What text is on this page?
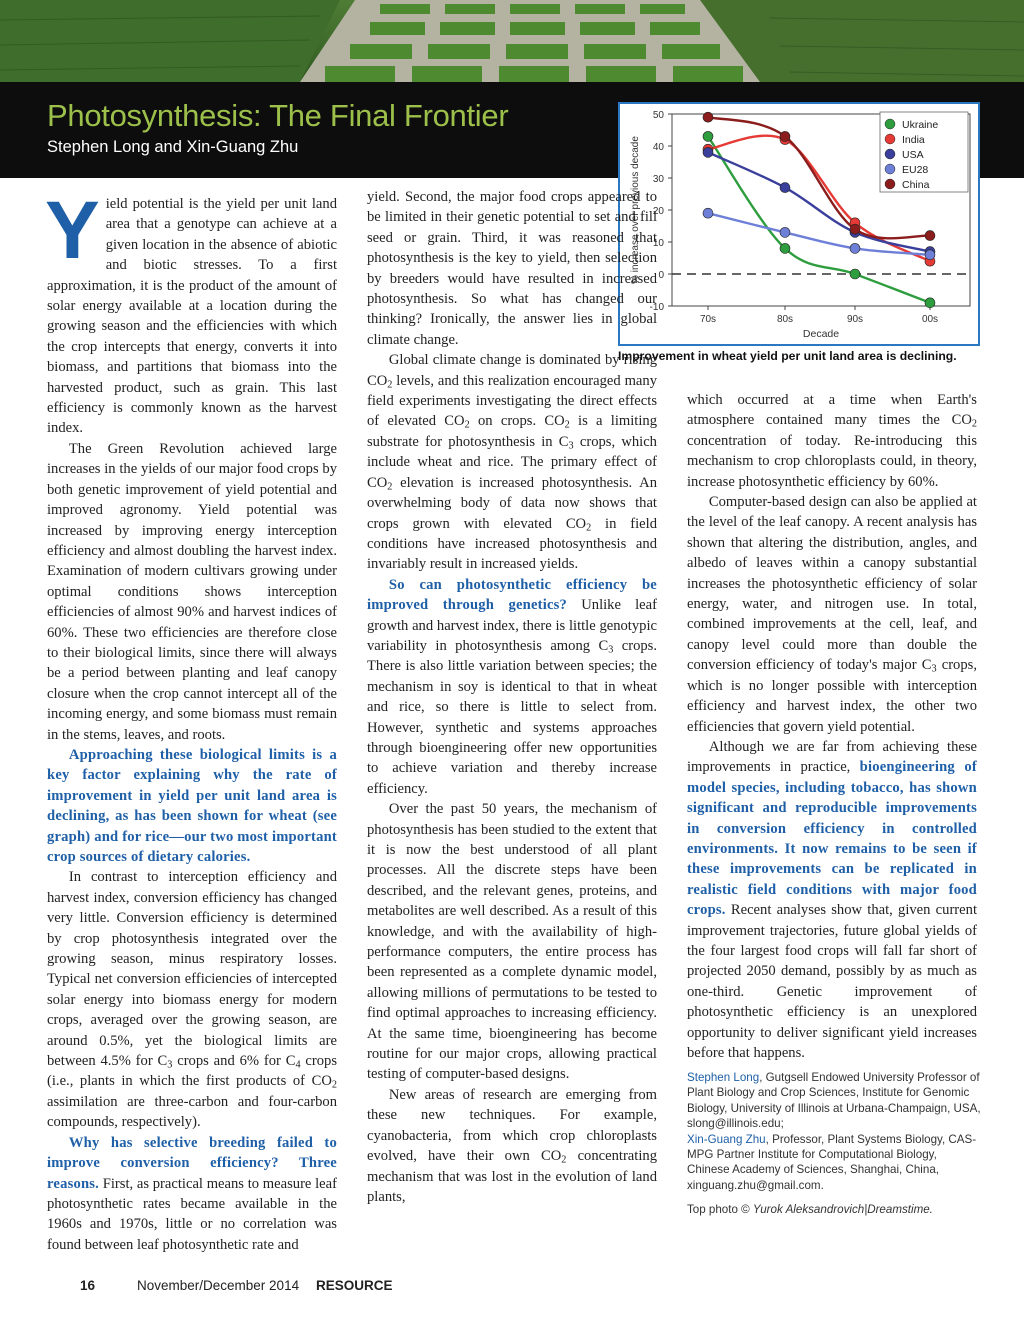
Photosynthesis: The Final Frontier
Stephen Long and Xin-Guang Zhu
-10
0
10
20
30
40
50
70s	80s	90s	00s
Decade
% increase over previous decade
Ukraine
India
USA
EU28
China
Improvement in wheat yield per unit land area is declining.

Yield potential is the yield per unit land area that a genotype can achieve at a given location in the absence of abiotic and biotic stresses. To a first approximation, it is the product of the amount of solar energy available at a location during the growing season and the efficiencies with which the crop intercepts that energy, converts it into biomass, and partitions that biomass into the harvested product, such as grain. This last efficiency is commonly known as the harvest index.

The Green Revolution achieved large increases in the yields of our major food crops by both genetic improvement of yield potential and improved agronomy. Yield potential was increased by improving energy interception efficiency and almost doubling the harvest index. Examination of modern cultivars growing under optimal conditions shows interception efficiencies of almost 90% and harvest indices of 60%. These two efficiencies are therefore close to their biological limits, since there will always be a period between planting and leaf canopy closure when the crop cannot intercept all of the incoming energy, and some biomass must remain in the stems, leaves, and roots.

Approaching these biological limits is a key factor explaining why the rate of improvement in yield per unit land area is declining, as has been shown for wheat (see graph) and for rice—our two most important crop sources of dietary calories.

In contrast to interception efficiency and harvest index, conversion efficiency has changed very little. Conversion efficiency is determined by crop photosynthesis integrated over the growing season, minus respiratory losses. Typical net conversion efficiencies of intercepted solar energy into biomass energy for modern crops, averaged over the growing season, are around 0.5%, yet the biological limits are between 4.5% for $C_3$ crops and 6% for $C_4$ crops (i.e., plants in which the first products of $CO_2$ assimilation are three-carbon and four-carbon compounds, respectively).

Why has selective breeding failed to improve conversion efficiency? Three reasons. First, as practical means to measure leaf photosynthetic rates became available in the 1960s and 1970s, little or no correlation was found between leaf photosynthetic rate and

yield. Second, the major food crops appeared to be limited in their genetic potential to set and fill seed or grain. Third, it was reasoned that photosynthesis is the key to yield, then selection by breeders would have resulted in increased photosynthesis. So what has changed our thinking? Ironically, the answer lies in global climate change.

Global climate change is dominated by rising $CO_2$ levels, and this realization encouraged many field experiments investigating the direct effects of elevated $CO_2$ on crops. $CO_2$ is a limiting substrate for photosynthesis in $C_3$ crops, which include wheat and rice. The primary effect of $CO_2$ elevation is increased photosynthesis. An overwhelming body of data now shows that crops grown with elevated $CO_2$ in field conditions have increased photosynthesis and invariably result in increased yields.

So can photosynthetic efficiency be improved through genetics? Unlike leaf growth and harvest index, there is little genotypic variability in photosynthesis among $C_3$ crops. There is also little variation between species; the mechanism in soy is identical to that in wheat and rice, so there is little to select from. However, synthetic and systems approaches through bioengineering offer new opportunities to achieve variation and thereby increase efficiency.

Over the past 50 years, the mechanism of photosynthesis has been studied to the extent that it is now the best understood of all plant processes. All the discrete steps have been described, and the relevant genes, proteins, and metabolites are well described. As a result of this knowledge, and with the availability of high-performance computers, the entire process has been represented as a complete dynamic model, allowing millions of permutations to be tested to find optimal approaches to increasing efficiency. At the same time, bioengineering has become routine for our major crops, allowing practical testing of computer-based designs.

New areas of research are emerging from these new techniques. For example, cyanobacteria, from which crop chloroplasts evolved, have their own $CO_2$ concentrating mechanism that was lost in the evolution of land plants,

which occurred at a time when Earth's atmosphere contained many times the $CO_2$ concentration of today. Re-introducing this mechanism to crop chloroplasts could, in theory, increase photosynthetic efficiency by 60%.

Computer-based design can also be applied at the level of the leaf canopy. A recent analysis has shown that altering the distribution, angles, and albedo of leaves within a canopy substantial increases the photosynthetic efficiency of solar energy, water, and nitrogen use. In total, combined improvements at the cell, leaf, and canopy level could more than double the conversion efficiency of today's major $C_3$ crops, which is no longer possible with interception efficiency and harvest index, the other two efficiencies that govern yield potential.

Although we are far from achieving these improvements in practice, bioengineering of model species, including tobacco, has shown significant and reproducible improvements in conversion efficiency in controlled environments. It now remains to be seen if these improvements can be replicated in realistic field conditions with major food crops. Recent analyses show that, given current improvement trajectories, future global yields of the four largest food crops will fall far short of projected 2050 demand, possibly by as much as one-third. Genetic improvement of photosynthetic efficiency is an unexplored opportunity to deliver significant yield increases before that happens.

Stephen Long, Gutgsell Endowed University Professor of Plant Biology and Crop Sciences, Institute for Genomic Biology, University of Illinois at Urbana-Champaign, USA, slong@illinois.edu;
Xin-Guang Zhu, Professor, Plant Systems Biology, CAS-MPG Partner Institute for Computational Biology, Chinese Academy of Sciences, Shanghai, China, xinguang.zhu@gmail.com.
Top photo © Yurok Aleksandrovich|Dreamstime.
16	November/December 2014 RESOURCE
